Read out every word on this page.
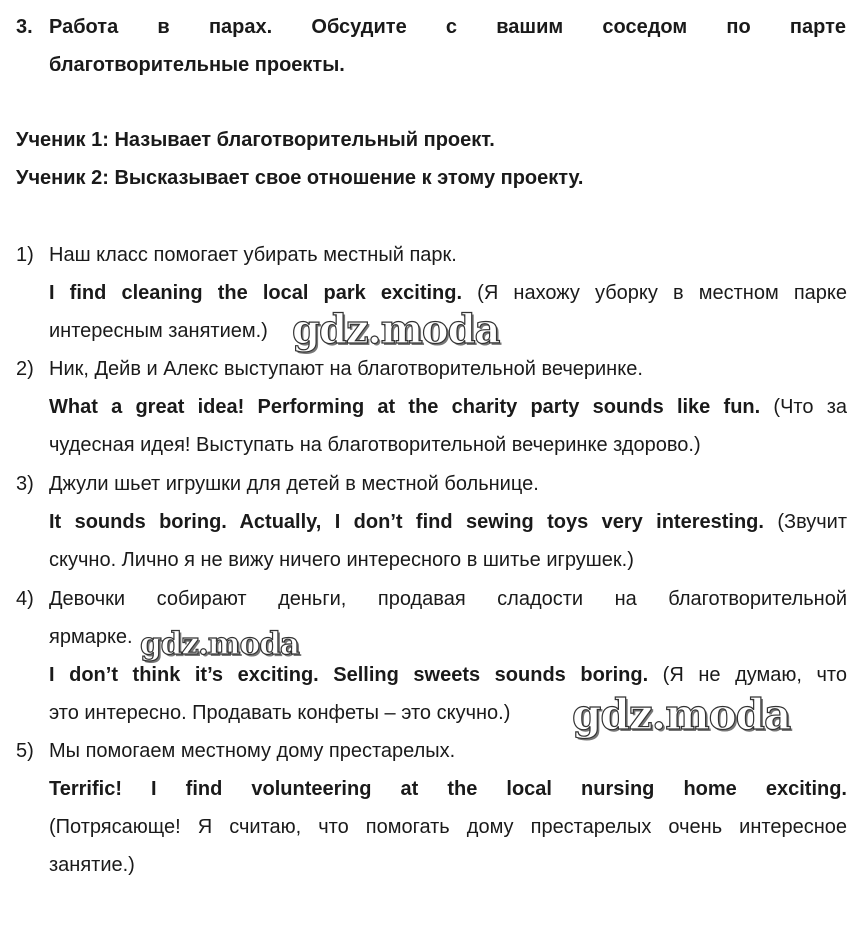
3. Работа в парах. Обсудите с вашим соседом по парте
благотворительные проекты.
Ученик 1: Называет благотворительный проект.
Ученик 2: Высказывает свое отношение к этому проекту.
1) Наш класс помогает убирать местный парк.
I find cleaning the local park exciting. (Я нахожу уборку в местном парке
интересным занятием.)
2) Ник, Дейв и Алекс выступают на благотворительной вечеринке.
What a great idea! Performing at the charity party sounds like fun. (Что за
чудесная идея! Выступать на благотворительной вечеринке здорово.)
3) Джули шьет игрушки для детей в местной больнице.
It sounds boring. Actually, I don’t find sewing toys very interesting. (Звучит
скучно. Лично я не вижу ничего интересного в шитье игрушек.)
4) Девочки собирают деньги, продавая сладости на благотворительной
ярмарке.
I don’t think it’s exciting. Selling sweets sounds boring. (Я не думаю, что
это интересно. Продавать конфеты – это скучно.)
5) Мы помогаем местному дому престарелых.
Terrific! I find volunteering at the local nursing home exciting.
(Потрясающе! Я считаю, что помогать дому престарелых очень интересное
занятие.)
gdz.moda
gdz.moda
gdz.moda
